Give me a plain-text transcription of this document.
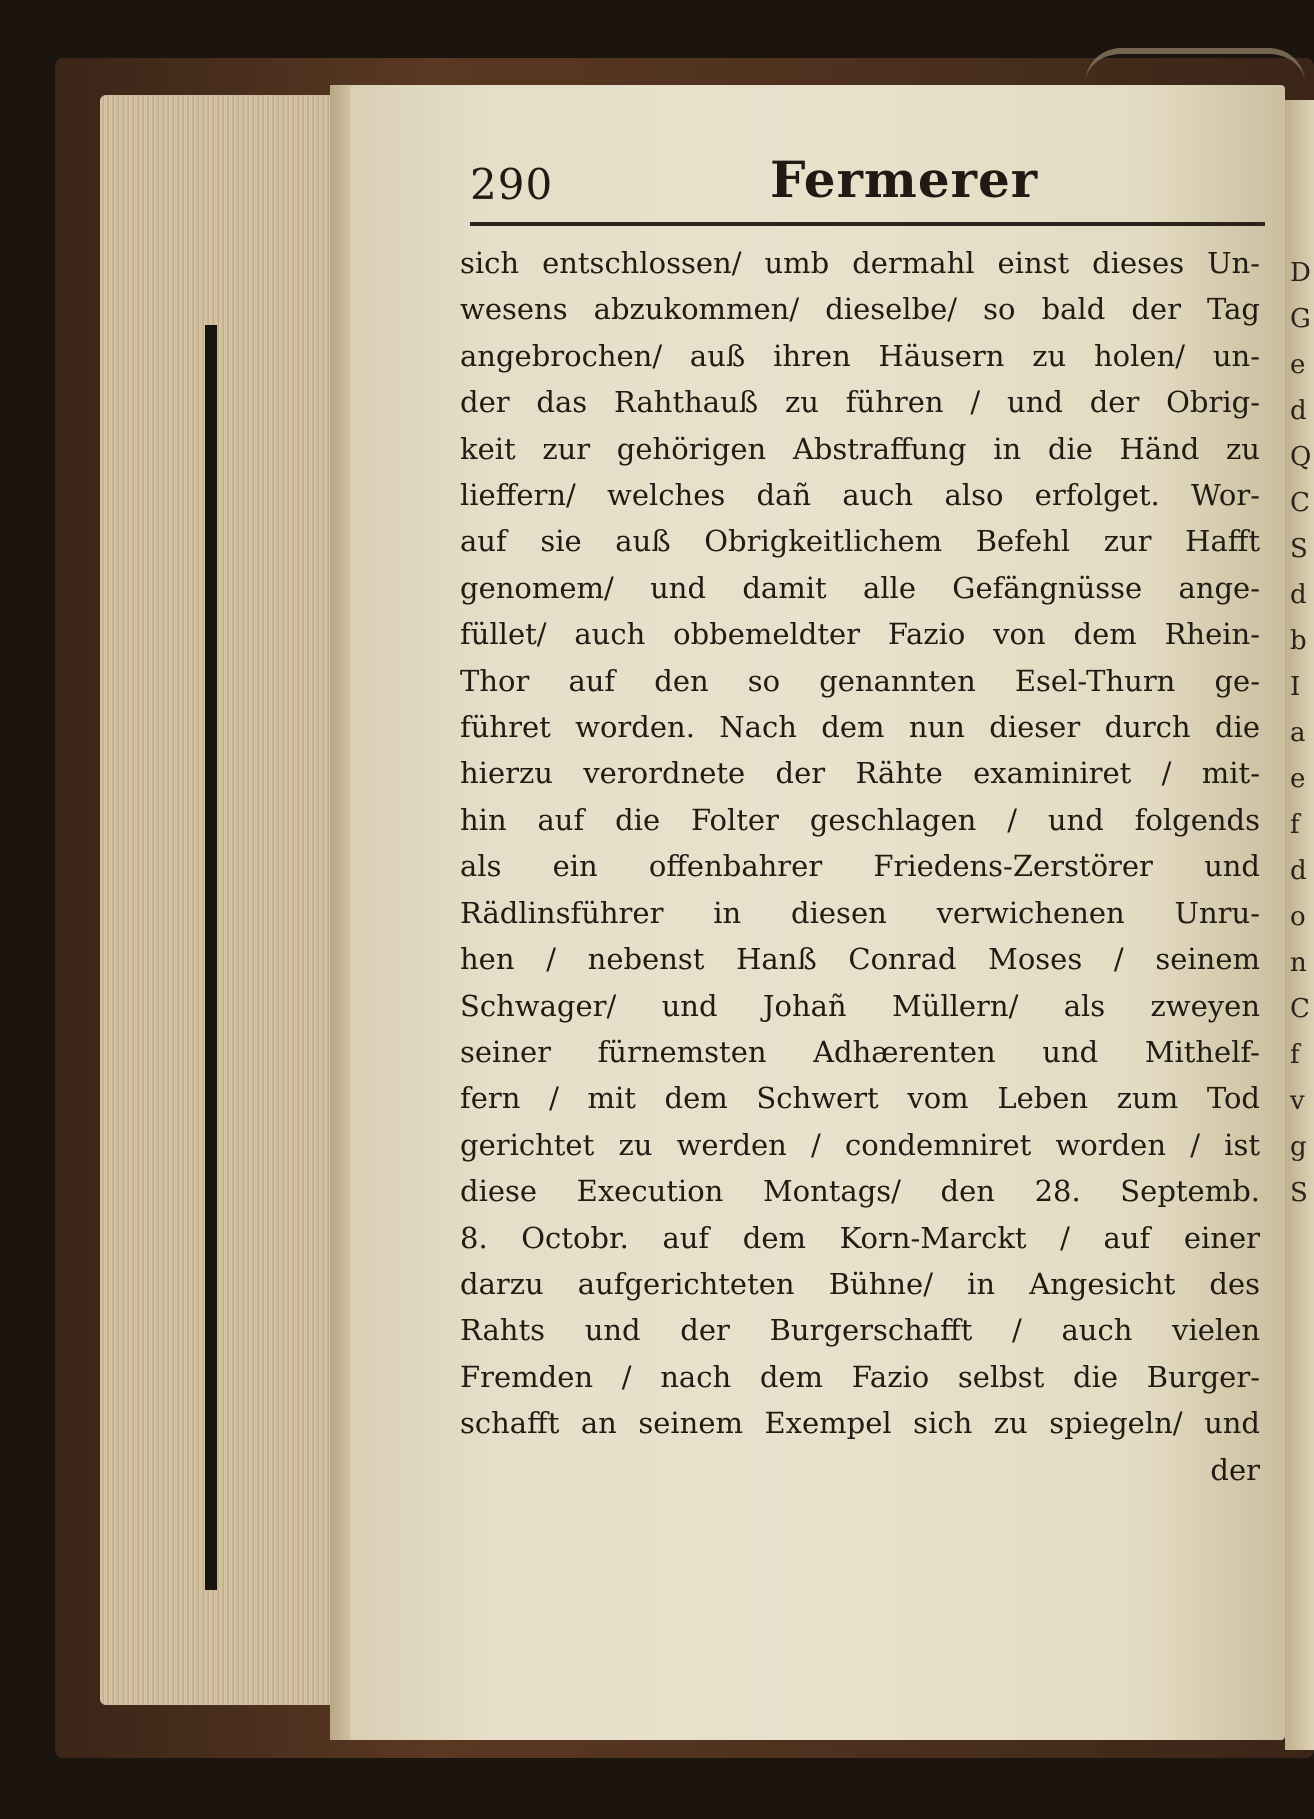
290	Fermerer
sich entschlossen/ umb dermahl einst dieses Un-
wesens abzukommen/ dieselbe/ so bald der Tag
angebrochen/ auß ihren Häusern zu holen/ un-
der das Rahthauß zu führen / und der Obrig-
keit zur gehörigen Abstraffung in die Händ zu
lieffern/ welches dañ auch also erfolget. Wor-
auf sie auß Obrigkeitlichem Befehl zur Hafft
genomem/ und damit alle Gefängnüsse ange-
füllet/ auch obbemeldter Fazio von dem Rhein-
Thor auf den so genannten Esel-Thurn ge-
führet worden. Nach dem nun dieser durch die
hierzu verordnete der Rähte examiniret / mit-
hin auf die Folter geschlagen / und folgends
als ein offenbahrer Friedens-Zerstörer und
Rädlinsführer in diesen verwichenen Unru-
hen / nebenst Hanß Conrad Moses / seinem
Schwager/ und Johañ Müllern/ als zweyen
seiner fürnemsten Adhærenten und Mithelf-
fern / mit dem Schwert vom Leben zum Tod
gerichtet zu werden / condemniret worden / ist
diese Execution Montags/ den 28. Septemb.
8. Octobr. auf dem Korn-Marckt / auf einer
darzu aufgerichteten Bühne/ in Angesicht des
Rahts und der Burgerschafft / auch vielen
Fremden / nach dem Fazio selbst die Burger-
schafft an seinem Exempel sich zu spiegeln/ und
der
D
G
e
d
Q
C
S
d
b
I
a
e
f
d
o
n
C
f
v
g
S
